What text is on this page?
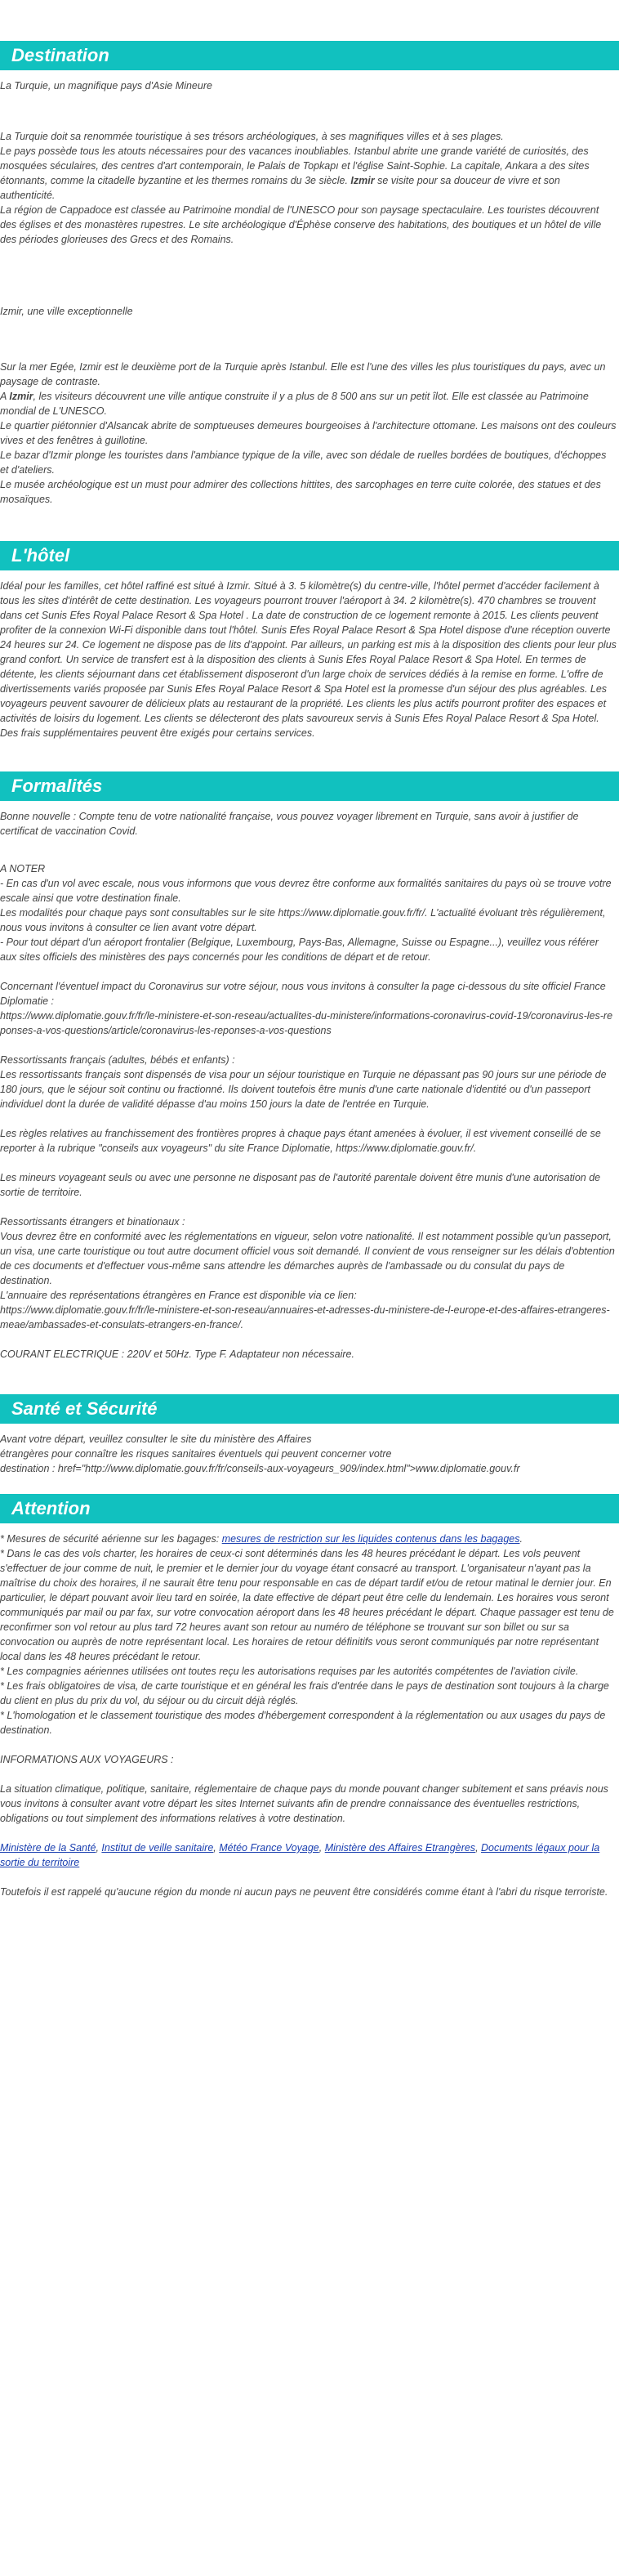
Destination

La Turquie, un magnifique pays d'Asie Mineure

La Turquie doit sa renommée touristique à ses trésors archéologiques, à ses magnifiques villes et à ses plages.

Le pays possède tous les atouts nécessaires pour des vacances inoubliables. Istanbul abrite une grande variété de curiosités, des mosquées séculaires, des centres d'art contemporain, le Palais de Topkapı et l'église Saint-Sophie. La capitale, Ankara a des sites étonnants, comme la citadelle byzantine et les thermes romains du 3e siècle. Izmir se visite pour sa douceur de vivre et son authenticité.

La région de Cappadoce est classée au Patrimoine mondial de l'UNESCO pour son paysage spectaculaire. Les touristes découvrent des églises et des monastères rupestres. Le site archéologique d'Éphèse conserve des habitations, des boutiques et un hôtel de ville des périodes glorieuses des Grecs et des Romains.

Izmir, une ville exceptionnelle

Sur la mer Egée, Izmir est le deuxième port de la Turquie après Istanbul. Elle est l'une des villes les plus touristiques du pays, avec un paysage de contraste.

A Izmir, les visiteurs découvrent une ville antique construite il y a plus de 8 500 ans sur un petit îlot. Elle est classée au Patrimoine mondial de L'UNESCO.

Le quartier piétonnier d'Alsancak abrite de somptueuses demeures bourgeoises à l'architecture ottomane. Les maisons ont des couleurs vives et des fenêtres à guillotine.

Le bazar d'Izmir plonge les touristes dans l'ambiance typique de la ville, avec son dédale de ruelles bordées de boutiques, d'échoppes et d'ateliers.

Le musée archéologique est un must pour admirer des collections hittites, des sarcophages en terre cuite colorée, des statues et des mosaïques.

L'hôtel

Idéal pour les familles, cet hôtel raffiné est situé à Izmir. Situé à 3. 5 kilomètre(s) du centre-ville, l'hôtel permet d'accéder facilement à tous les sites d'intérêt de cette destination. Les voyageurs pourront trouver l'aéroport à 34. 2 kilomètre(s). 470 chambres se trouvent dans cet Sunis Efes Royal Palace Resort & Spa Hotel . La date de construction de ce logement remonte à 2015. Les clients peuvent profiter de la connexion Wi-Fi disponible dans tout l'hôtel. Sunis Efes Royal Palace Resort & Spa Hotel dispose d'une réception ouverte 24 heures sur 24. Ce logement ne dispose pas de lits d'appoint. Par ailleurs, un parking est mis à la disposition des clients pour leur plus grand confort. Un service de transfert est à la disposition des clients à Sunis Efes Royal Palace Resort & Spa Hotel. En termes de détente, les clients séjournant dans cet établissement disposeront d'un large choix de services dédiés à la remise en forme. L'offre de divertissements variés proposée par Sunis Efes Royal Palace Resort & Spa Hotel est la promesse d'un séjour des plus agréables. Les voyageurs peuvent savourer de délicieux plats au restaurant de la propriété. Les clients les plus actifs pourront profiter des espaces et activités de loisirs du logement. Les clients se délecteront des plats savoureux servis à Sunis Efes Royal Palace Resort & Spa Hotel. Des frais supplémentaires peuvent être exigés pour certains services.

Formalités

Bonne nouvelle : Compte tenu de votre nationalité française, vous pouvez voyager librement en Turquie, sans avoir à justifier de certificat de vaccination Covid.

A NOTER

- En cas d'un vol avec escale, nous vous informons que vous devrez être conforme aux formalités sanitaires du pays où se trouve votre escale ainsi que votre destination finale.

Les modalités pour chaque pays sont consultables sur le site https://www.diplomatie.gouv.fr/fr/. L'actualité évoluant très régulièrement, nous vous invitons à consulter ce lien avant votre départ.

- Pour tout départ d'un aéroport frontalier (Belgique, Luxembourg, Pays-Bas, Allemagne, Suisse ou Espagne...), veuillez vous référer aux sites officiels des ministères des pays concernés pour les conditions de départ et de retour.

Concernant l'éventuel impact du Coronavirus sur votre séjour, nous vous invitons à consulter la page ci-dessous du site officiel France Diplomatie :

https://www.diplomatie.gouv.fr/fr/le-ministere-et-son-reseau/actualites-du-ministere/informations-coronavirus-covid-19/coronavirus-les-reponses-a-vos-questions/article/coronavirus-les-reponses-a-vos-questions

Ressortissants français (adultes, bébés et enfants) :

Les ressortissants français sont dispensés de visa pour un séjour touristique en Turquie ne dépassant pas 90 jours sur une période de 180 jours, que le séjour soit continu ou fractionné. Ils doivent toutefois être munis d'une carte nationale d'identité ou d'un passeport individuel dont la durée de validité dépasse d'au moins 150 jours la date de l'entrée en Turquie.

Les règles relatives au franchissement des frontières propres à chaque pays étant amenées à évoluer, il est vivement conseillé de se reporter à la rubrique "conseils aux voyageurs" du site France Diplomatie, https://www.diplomatie.gouv.fr/.

Les mineurs voyageant seuls ou avec une personne ne disposant pas de l'autorité parentale doivent être munis d'une autorisation de sortie de territoire.

Ressortissants étrangers et binationaux :

Vous devrez être en conformité avec les réglementations en vigueur, selon votre nationalité. Il est notamment possible qu'un passeport, un visa, une carte touristique ou tout autre document officiel vous soit demandé. Il convient de vous renseigner sur les délais d'obtention de ces documents et d'effectuer vous-même sans attendre les démarches auprès de l'ambassade ou du consulat du pays de destination.

L'annuaire des représentations étrangères en France est disponible via ce lien:

https://www.diplomatie.gouv.fr/fr/le-ministere-et-son-reseau/annuaires-et-adresses-du-ministere-de-l-europe-et-des-affaires-etrangeres-meae/ambassades-et-consulats-etrangers-en-france/.

COURANT ELECTRIQUE : 220V et 50Hz. Type F. Adaptateur non nécessaire.

Santé et Sécurité

Avant votre départ, veuillez consulter le site du ministère des Affaires

étrangères pour connaître les risques sanitaires éventuels qui peuvent concerner votre

destination : href="http://www.diplomatie.gouv.fr/fr/conseils-aux-voyageurs_909/index.html">www.diplomatie.gouv.fr

Attention

* Mesures de sécurité aérienne sur les bagages: mesures de restriction sur les liquides contenus dans les bagages.

* Dans le cas des vols charter, les horaires de ceux-ci sont déterminés dans les 48 heures précédant le départ. Les vols peuvent s'effectuer de jour comme de nuit, le premier et le dernier jour du voyage étant consacré au transport. L'organisateur n'ayant pas la maîtrise du choix des horaires, il ne saurait être tenu pour responsable en cas de départ tardif et/ou de retour matinal le dernier jour. En particulier, le départ pouvant avoir lieu tard en soirée, la date effective de départ peut être celle du lendemain. Les horaires vous seront communiqués par mail ou par fax, sur votre convocation aéroport dans les 48 heures précédant le départ. Chaque passager est tenu de reconfirmer son vol retour au plus tard 72 heures avant son retour au numéro de téléphone se trouvant sur son billet ou sur sa convocation ou auprès de notre représentant local. Les horaires de retour définitifs vous seront communiqués par notre représentant local dans les 48 heures précédant le retour.

* Les compagnies aériennes utilisées ont toutes reçu les autorisations requises par les autorités compétentes de l'aviation civile.

* Les frais obligatoires de visa, de carte touristique et en général les frais d'entrée dans le pays de destination sont toujours à la charge du client en plus du prix du vol, du séjour ou du circuit déjà réglés.

* L'homologation et le classement touristique des modes d'hébergement correspondent à la réglementation ou aux usages du pays de destination.

INFORMATIONS AUX VOYAGEURS :

La situation climatique, politique, sanitaire, réglementaire de chaque pays du monde pouvant changer subitement et sans préavis nous vous invitons à consulter avant votre départ les sites Internet suivants afin de prendre connaissance des éventuelles restrictions, obligations ou tout simplement des informations relatives à votre destination.

Ministère de la Santé, Institut de veille sanitaire, Météo France Voyage, Ministère des Affaires Etrangères, Documents légaux pour la sortie du territoire

Toutefois il est rappelé qu'aucune région du monde ni aucun pays ne peuvent être considérés comme étant à l'abri du risque terroriste.
